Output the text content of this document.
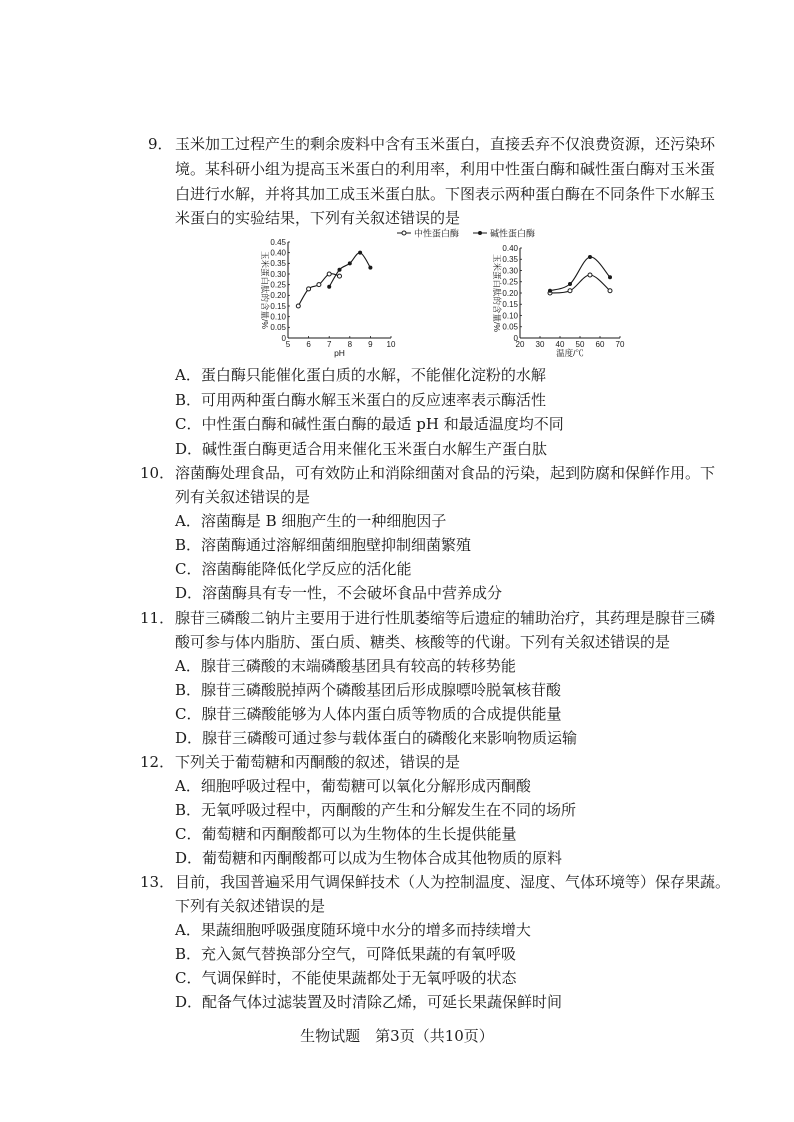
9． 玉米加工过程产生的剩余废料中含有玉米蛋白，直接丢弃不仅浪费资源，还污染环
境。某科研小组为提高玉米蛋白的利用率，利用中性蛋白酶和碱性蛋白酶对玉米蛋
白进行水解，并将其加工成玉米蛋白肽。下图表示两种蛋白酶在不同条件下水解玉
米蛋白的实验结果，下列有关叙述错误的是
5 6 7 8 9 10
0
0.05
0.10
0.15
0.20
0.25
0.30
0.35
0.40
0.45
pH
玉米蛋白肽的含量/%
中性蛋白酶	碱性蛋白酶
20 30 40 50 60 70
0
0.05
0.10
0.15
0.20
0.25
0.30
0.35
0.40
温度/℃
玉米蛋白肽的含量/%
A．蛋白酶只能催化蛋白质的水解，不能催化淀粉的水解
B．可用两种蛋白酶水解玉米蛋白的反应速率表示酶活性
C．中性蛋白酶和碱性蛋白酶的最适 pH 和最适温度均不同
D．碱性蛋白酶更适合用来催化玉米蛋白水解生产蛋白肽
10． 溶菌酶处理食品，可有效防止和消除细菌对食品的污染，起到防腐和保鲜作用。下
列有关叙述错误的是
A．溶菌酶是 B 细胞产生的一种细胞因子
B．溶菌酶通过溶解细菌细胞壁抑制细菌繁殖
C．溶菌酶能降低化学反应的活化能
D．溶菌酶具有专一性，不会破坏食品中营养成分
11． 腺苷三磷酸二钠片主要用于进行性肌萎缩等后遗症的辅助治疗，其药理是腺苷三磷
酸可参与体内脂肪、蛋白质、糖类、核酸等的代谢。下列有关叙述错误的是
A．腺苷三磷酸的末端磷酸基团具有较高的转移势能
B．腺苷三磷酸脱掉两个磷酸基团后形成腺嘌呤脱氧核苷酸
C．腺苷三磷酸能够为人体内蛋白质等物质的合成提供能量
D．腺苷三磷酸可通过参与载体蛋白的磷酸化来影响物质运输
12． 下列关于葡萄糖和丙酮酸的叙述，错误的是
A．细胞呼吸过程中，葡萄糖可以氧化分解形成丙酮酸
B．无氧呼吸过程中，丙酮酸的产生和分解发生在不同的场所
C．葡萄糖和丙酮酸都可以为生物体的生长提供能量
D．葡萄糖和丙酮酸都可以成为生物体合成其他物质的原料
13． 目前，我国普遍采用气调保鲜技术（人为控制温度、湿度、气体环境等）保存果蔬。
下列有关叙述错误的是
A．果蔬细胞呼吸强度随环境中水分的增多而持续增大
B．充入氮气替换部分空气，可降低果蔬的有氧呼吸
C．气调保鲜时，不能使果蔬都处于无氧呼吸的状态
D．配备气体过滤装置及时清除乙烯，可延长果蔬保鲜时间
生物试题　第3页（共10页）
